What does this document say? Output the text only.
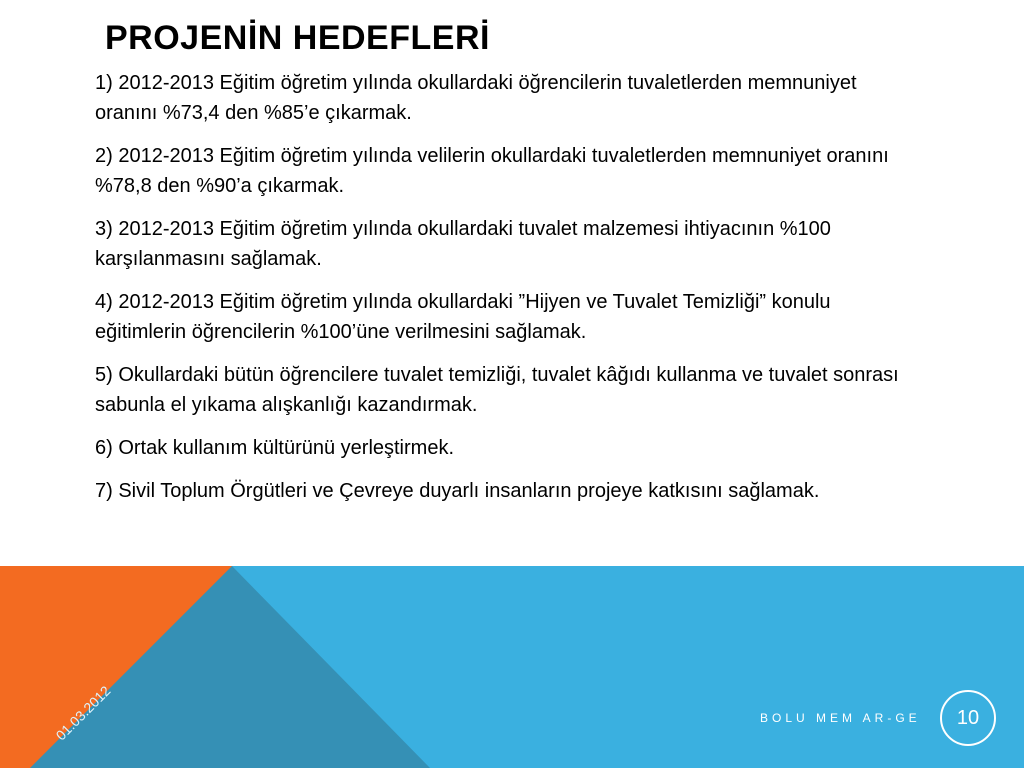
PROJENİN HEDEFLERİ
1) 2012-2013 Eğitim öğretim yılında okullardaki öğrencilerin tuvaletlerden memnuniyet oranını %73,4 den %85’e çıkarmak.
2) 2012-2013 Eğitim öğretim yılında velilerin okullardaki tuvaletlerden memnuniyet oranını %78,8 den %90’a çıkarmak.
3) 2012-2013 Eğitim öğretim yılında okullardaki tuvalet malzemesi ihtiyacının %100 karşılanmasını sağlamak.
4) 2012-2013 Eğitim öğretim yılında okullardaki ”Hijyen ve Tuvalet Temizliği” konulu eğitimlerin öğrencilerin %100’üne verilmesini sağlamak.
5) Okullardaki bütün öğrencilere tuvalet temizliği, tuvalet kâğıdı kullanma ve tuvalet sonrası sabunla el yıkama alışkanlığı kazandırmak.
6) Ortak kullanım kültürünü yerleştirmek.
7) Sivil Toplum Örgütleri ve Çevreye duyarlı insanların projeye katkısını sağlamak.
01.03.2012	BOLU MEM AR-GE 10
